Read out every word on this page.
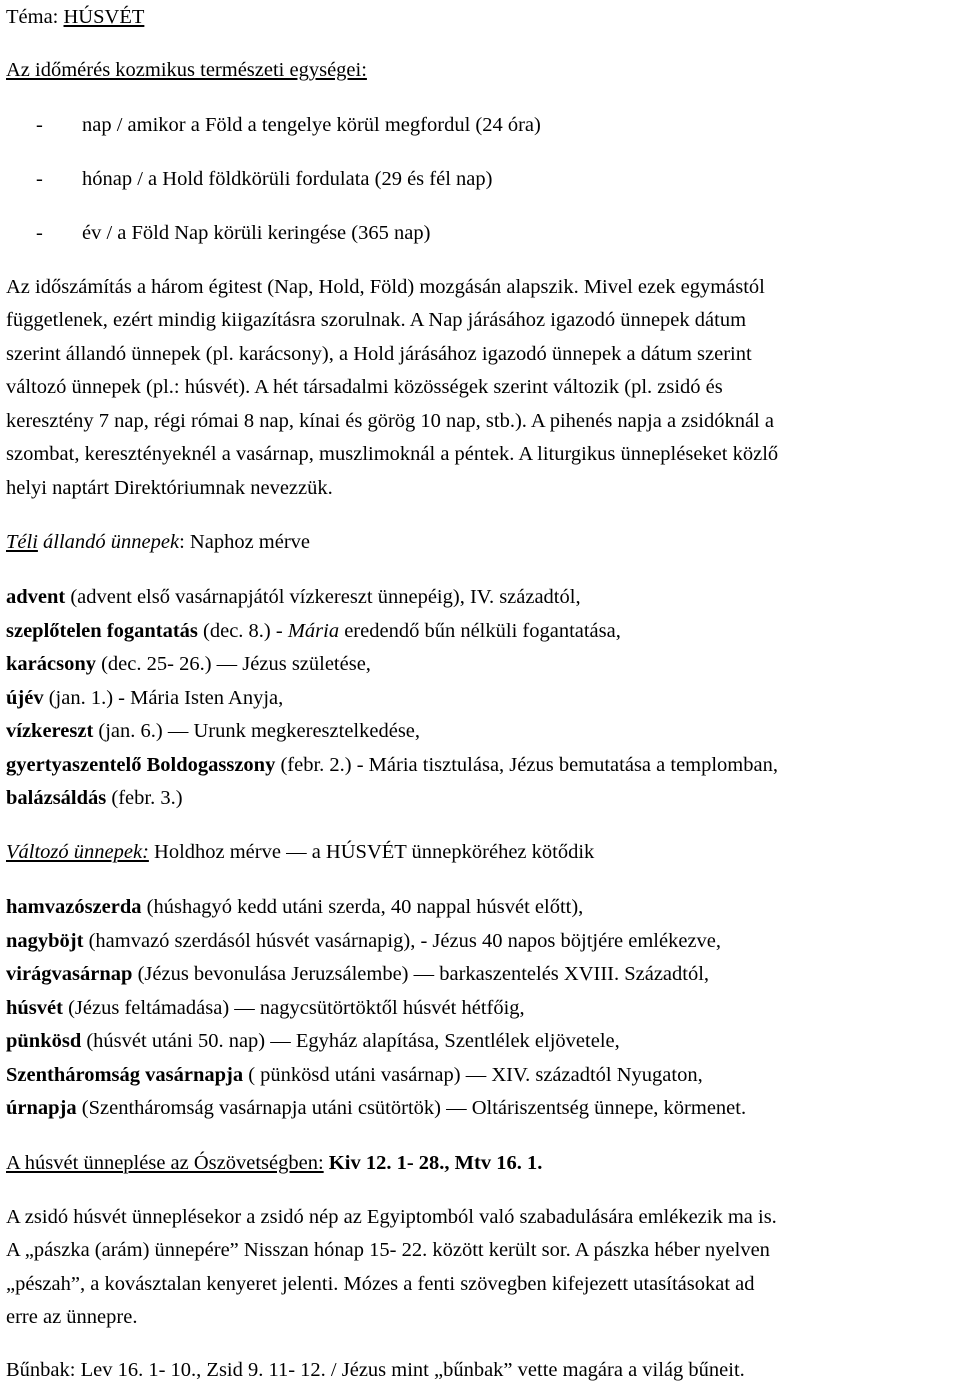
Téma: HÚSVÉT
Az időmérés kozmikus természeti egységei:
- nap / amikor a Föld a tengelye körül megfordul (24 óra)
- hónap / a Hold földkörüli fordulata (29 és fél nap)
- év / a Föld Nap körüli keringése (365 nap)
Az időszámítás a három égitest (Nap, Hold, Föld) mozgásán alapszik. Mivel ezek egymástól
függetlenek, ezért mindig kiigazításra szorulnak. A Nap járásához igazodó ünnepek dátum
szerint állandó ünnepek (pl. karácsony), a Hold járásához igazodó ünnepek a dátum szerint
változó ünnepek (pl.: húsvét). A hét társadalmi közösségek szerint változik (pl. zsidó és
keresztény 7 nap, régi római 8 nap, kínai és görög 10 nap, stb.). A pihenés napja a zsidóknál a
szombat, keresztényeknél a vasárnap, muszlimoknál a péntek. A liturgikus ünnepléseket közlő
helyi naptárt Direktóriumnak nevezzük.
Téli állandó ünnepek: Naphoz mérve
advent (advent első vasárnapjától vízkereszt ünnepéig), IV. századtól,
szeplőtelen fogantatás (dec. 8.) - Mária eredendő bűn nélküli fogantatása,
karácsony (dec. 25- 26.) — Jézus születése,
újév (jan. 1.) - Mária Isten Anyja,
vízkereszt (jan. 6.) — Urunk megkeresztelkedése,
gyertyaszentelő Boldogasszony (febr. 2.) - Mária tisztulása, Jézus bemutatása a templomban,
balázsáldás (febr. 3.)
Változó ünnepek: Holdhoz mérve — a HÚSVÉT ünnepköréhez kötődik
hamvazószerda (húshagyó kedd utáni szerda, 40 nappal húsvét előtt),
nagyböjt (hamvazó szerdásól húsvét vasárnapig), - Jézus 40 napos böjtjére emlékezve,
virágvasárnap (Jézus bevonulása Jeruzsálembe) — barkaszentelés XVIII. Századtól,
húsvét (Jézus feltámadása) — nagycsütörtöktől húsvét hétfőig,
pünkösd (húsvét utáni 50. nap) — Egyház alapítása, Szentlélek eljövetele,
Szentháromság vasárnapja ( pünkösd utáni vasárnap) — XIV. századtól Nyugaton,
úrnapja (Szentháromság vasárnapja utáni csütörtök) — Oltáriszentség ünnepe, körmenet.
A húsvét ünneplése az Ószövetségben: Kiv 12. 1- 28., Mtv 16. 1.
A zsidó húsvét ünneplésekor a zsidó nép az Egyiptomból való szabadulására emlékezik ma is.
A „pászka (arám) ünnepére” Nisszan hónap 15- 22. között került sor. A pászka héber nyelven
„pészah”, a kovásztalan kenyeret jelenti. Mózes a fenti szövegben kifejezett utasításokat ad
erre az ünnepre.
Bűnbak: Lev 16. 1- 10., Zsid 9. 11- 12. / Jézus mint „bűnbak” vette magára a világ bűneit.
